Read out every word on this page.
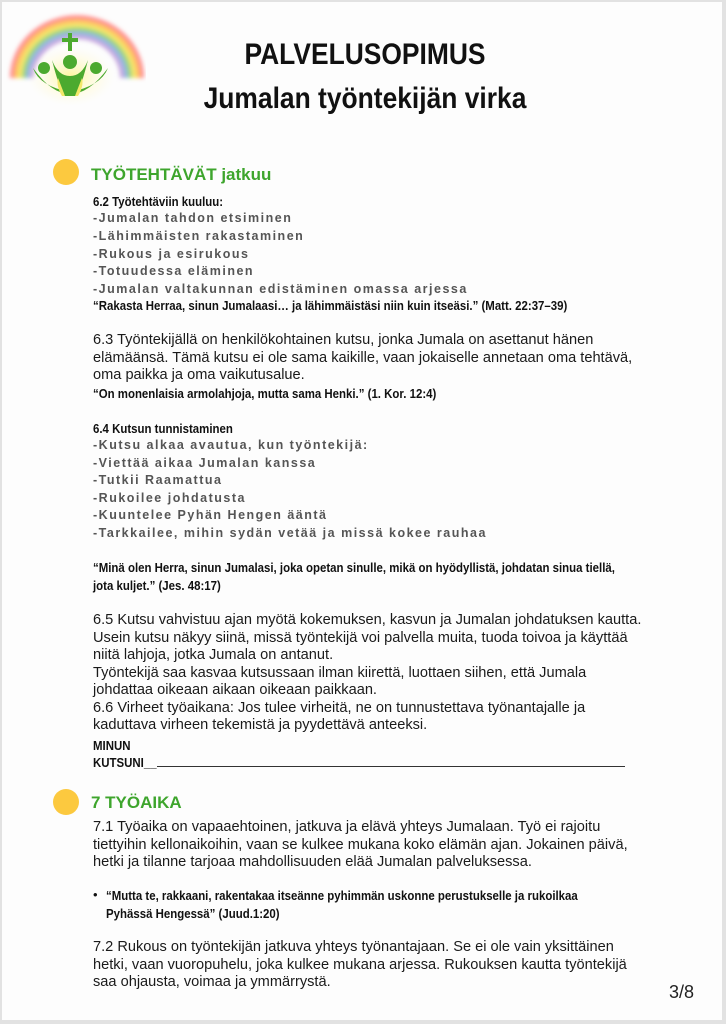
PALVELUSOPIMUS
Jumalan työntekijän virka
TYÖTEHTÄVÄT jatkuu
6.2 Työtehtäviin kuuluu:
-Jumalan tahdon etsiminen
-Lähimmäisten rakastaminen
-Rukous ja esirukous
-Totuudessa eläminen
-Jumalan valtakunnan edistäminen omassa arjessa
“Rakasta Herraa, sinun Jumalaasi… ja lähimmäistäsi niin kuin itseäsi.” (Matt. 22:37–39)
6.3 Työntekijällä on henkilökohtainen kutsu, jonka Jumala on asettanut hänen
elämäänsä. Tämä kutsu ei ole sama kaikille, vaan jokaiselle annetaan oma tehtävä,
oma paikka ja oma vaikutusalue.
“On monenlaisia armolahjoja, mutta sama Henki.” (1. Kor. 12:4)
6.4 Kutsun tunnistaminen
-Kutsu alkaa avautua, kun työntekijä:
-Viettää aikaa Jumalan kanssa
-Tutkii Raamattua
-Rukoilee johdatusta
-Kuuntelee Pyhän Hengen ääntä
-Tarkkailee, mihin sydän vetää ja missä kokee rauhaa
“Minä olen Herra, sinun Jumalasi, joka opetan sinulle, mikä on hyödyllistä, johdatan sinua tiellä,
jota kuljet.” (Jes. 48:17)
6.5 Kutsu vahvistuu ajan myötä kokemuksen, kasvun ja Jumalan johdatuksen kautta.
Usein kutsu näkyy siinä, missä työntekijä voi palvella muita, tuoda toivoa ja käyttää
niitä lahjoja, jotka Jumala on antanut.
Työntekijä saa kasvaa kutsussaan ilman kiirettä, luottaen siihen, että Jumala
johdattaa oikeaan aikaan oikeaan paikkaan.
6.6 Virheet työaikana: Jos tulee virheitä, ne on tunnustettava työnantajalle ja
kaduttava virheen tekemistä ja pyydettävä anteeksi.
MINUN
KUTSUNI__
7 TYÖAIKA
7.1 Työaika on vapaaehtoinen, jatkuva ja elävä yhteys Jumalaan. Työ ei rajoitu
tiettyihin kellonaikoihin, vaan se kulkee mukana koko elämän ajan. Jokainen päivä,
hetki ja tilanne tarjoaa mahdollisuuden elää Jumalan palveluksessa.
• “Mutta te, rakkaani, rakentakaa itseänne pyhimmän uskonne perustukselle ja rukoilkaa
Pyhässä Hengessä” (Juud.1:20)
7.2 Rukous on työntekijän jatkuva yhteys työnantajaan. Se ei ole vain yksittäinen
hetki, vaan vuoropuhelu, joka kulkee mukana arjessa. Rukouksen kautta työntekijä
saa ohjausta, voimaa ja ymmärrystä.	3/8
